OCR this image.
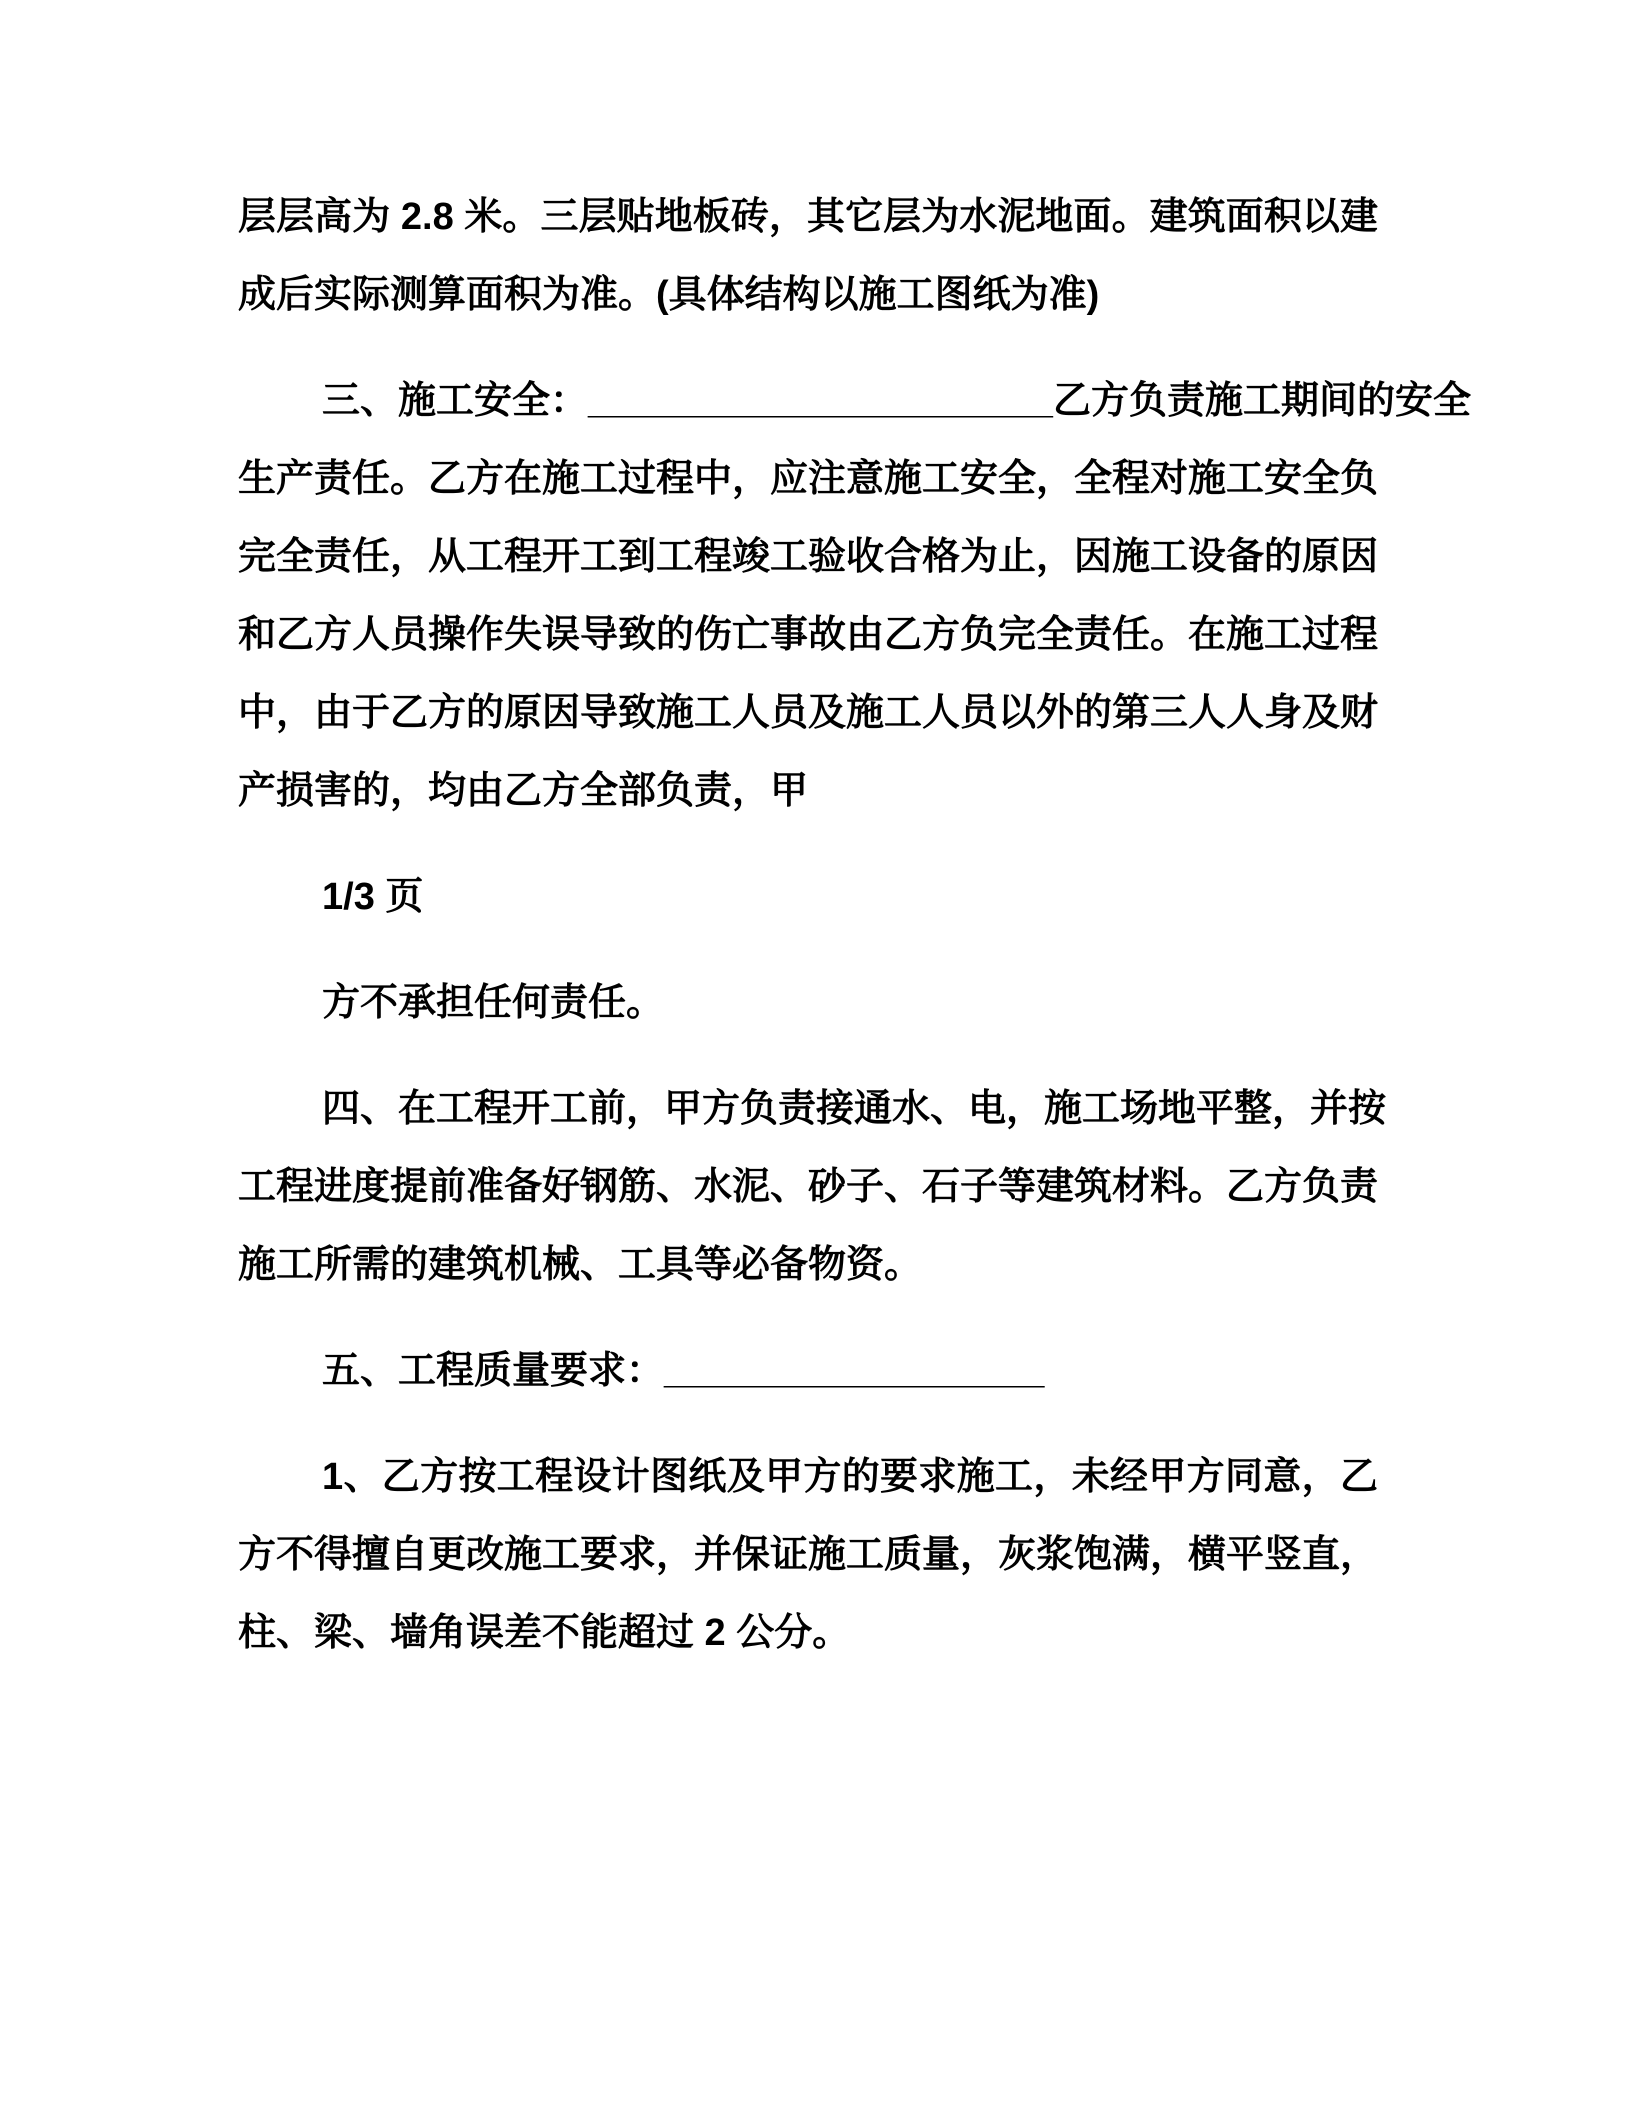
层层高为 2.8 米。三层贴地板砖，其它层为水泥地面。建筑面积以建
成后实际测算面积为准。(具体结构以施工图纸为准)
三、施工安全：______________________乙方负责施工期间的安全
生产责任。乙方在施工过程中，应注意施工安全，全程对施工安全负
完全责任，从工程开工到工程竣工验收合格为止，因施工设备的原因
和乙方人员操作失误导致的伤亡事故由乙方负完全责任。在施工过程
中，由于乙方的原因导致施工人员及施工人员以外的第三人人身及财
产损害的，均由乙方全部负责，甲
1/3 页
方不承担任何责任。
四、在工程开工前，甲方负责接通水、电，施工场地平整，并按
工程进度提前准备好钢筋、水泥、砂子、石子等建筑材料。乙方负责
施工所需的建筑机械、工具等必备物资。
五、工程质量要求：__________________
1、乙方按工程设计图纸及甲方的要求施工，未经甲方同意，乙
方不得擅自更改施工要求，并保证施工质量，灰浆饱满，横平竖直，
柱、梁、墙角误差不能超过 2 公分。
